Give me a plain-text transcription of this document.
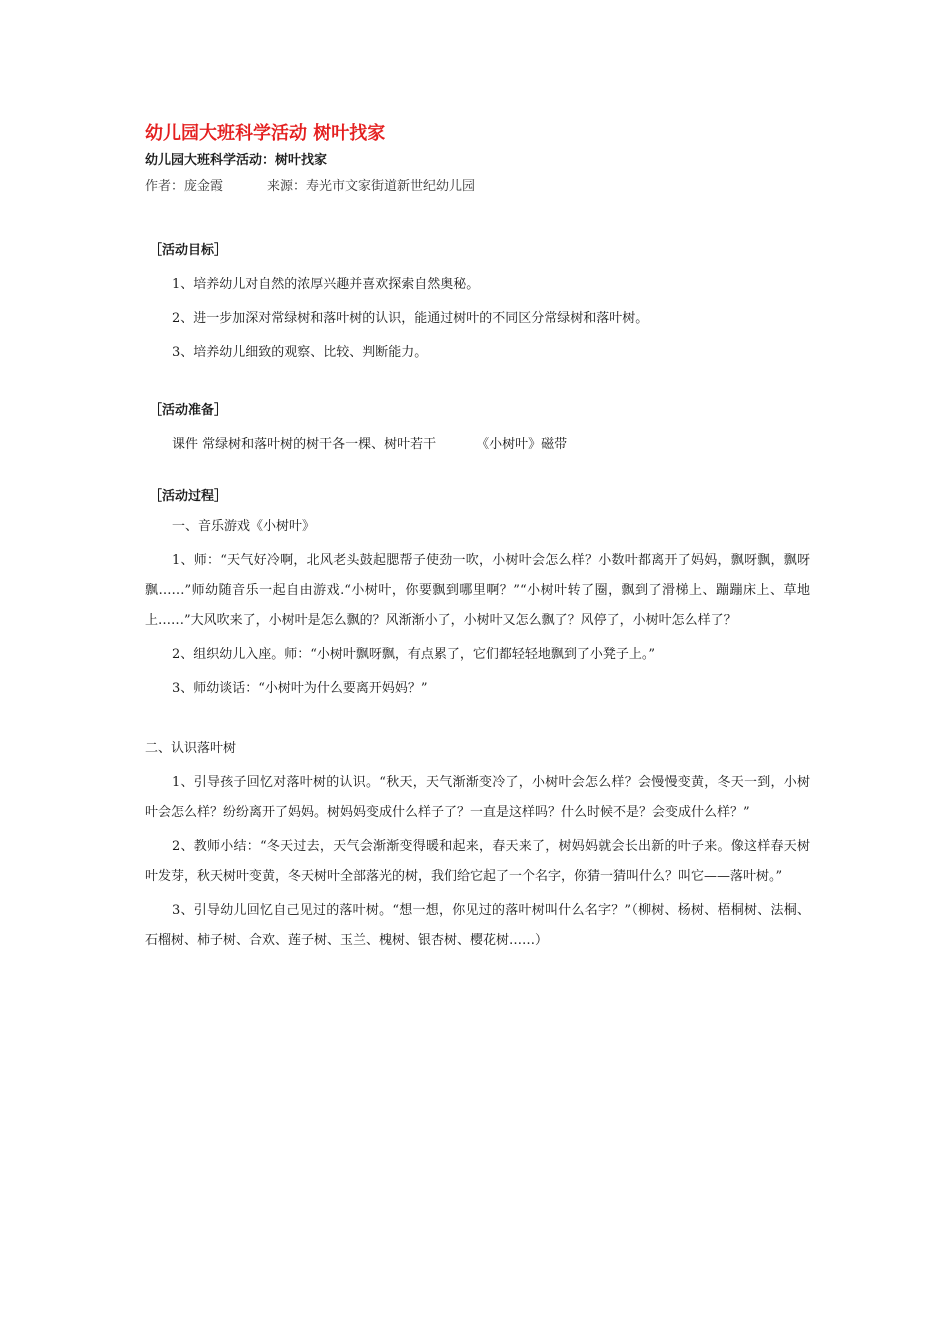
幼儿园大班科学活动 树叶找家

幼儿园大班科学活动：树叶找家

作者：庞金霞	来源：寿光市文家街道新世纪幼儿园

［活动目标］

1、培养幼儿对自然的浓厚兴趣并喜欢探索自然奥秘。

2、进一步加深对常绿树和落叶树的认识，能通过树叶的不同区分常绿树和落叶树。

3、培养幼儿细致的观察、比较、判断能力。

［活动准备］

课件 常绿树和落叶树的树干各一棵、树叶若干	《小树叶》磁带

［活动过程］

一、音乐游戏《小树叶》

1、师：“天气好冷啊，北风老头鼓起腮帮子使劲一吹，小树叶会怎么样？小数叶都离开了妈妈，飘呀飘，飘呀飘……”师幼随音乐一起自由游戏.“小树叶，你要飘到哪里啊？”“小树叶转了圈，飘到了滑梯上、蹦蹦床上、草地上……”大风吹来了，小树叶是怎么飘的？风渐渐小了，小树叶又怎么飘了？风停了，小树叶怎么样了？

2、组织幼儿入座。师：“小树叶飘呀飘，有点累了，它们都轻轻地飘到了小凳子上。”

3、师幼谈话：“小树叶为什么要离开妈妈？”

二、认识落叶树

1、引导孩子回忆对落叶树的认识。“秋天，天气渐渐变冷了，小树叶会怎么样？会慢慢变黄，冬天一到，小树叶会怎么样？纷纷离开了妈妈。树妈妈变成什么样子了？一直是这样吗？什么时候不是？会变成什么样？”

2、教师小结：“冬天过去，天气会渐渐变得暖和起来，春天来了，树妈妈就会长出新的叶子来。像这样春天树叶发芽，秋天树叶变黄，冬天树叶全部落光的树，我们给它起了一个名字，你猜一猜叫什么？叫它——落叶树。”

3、引导幼儿回忆自己见过的落叶树。“想一想，你见过的落叶树叫什么名字？”（柳树、杨树、梧桐树、法桐、石榴树、柿子树、合欢、莲子树、玉兰、槐树、银杏树、樱花树……）
